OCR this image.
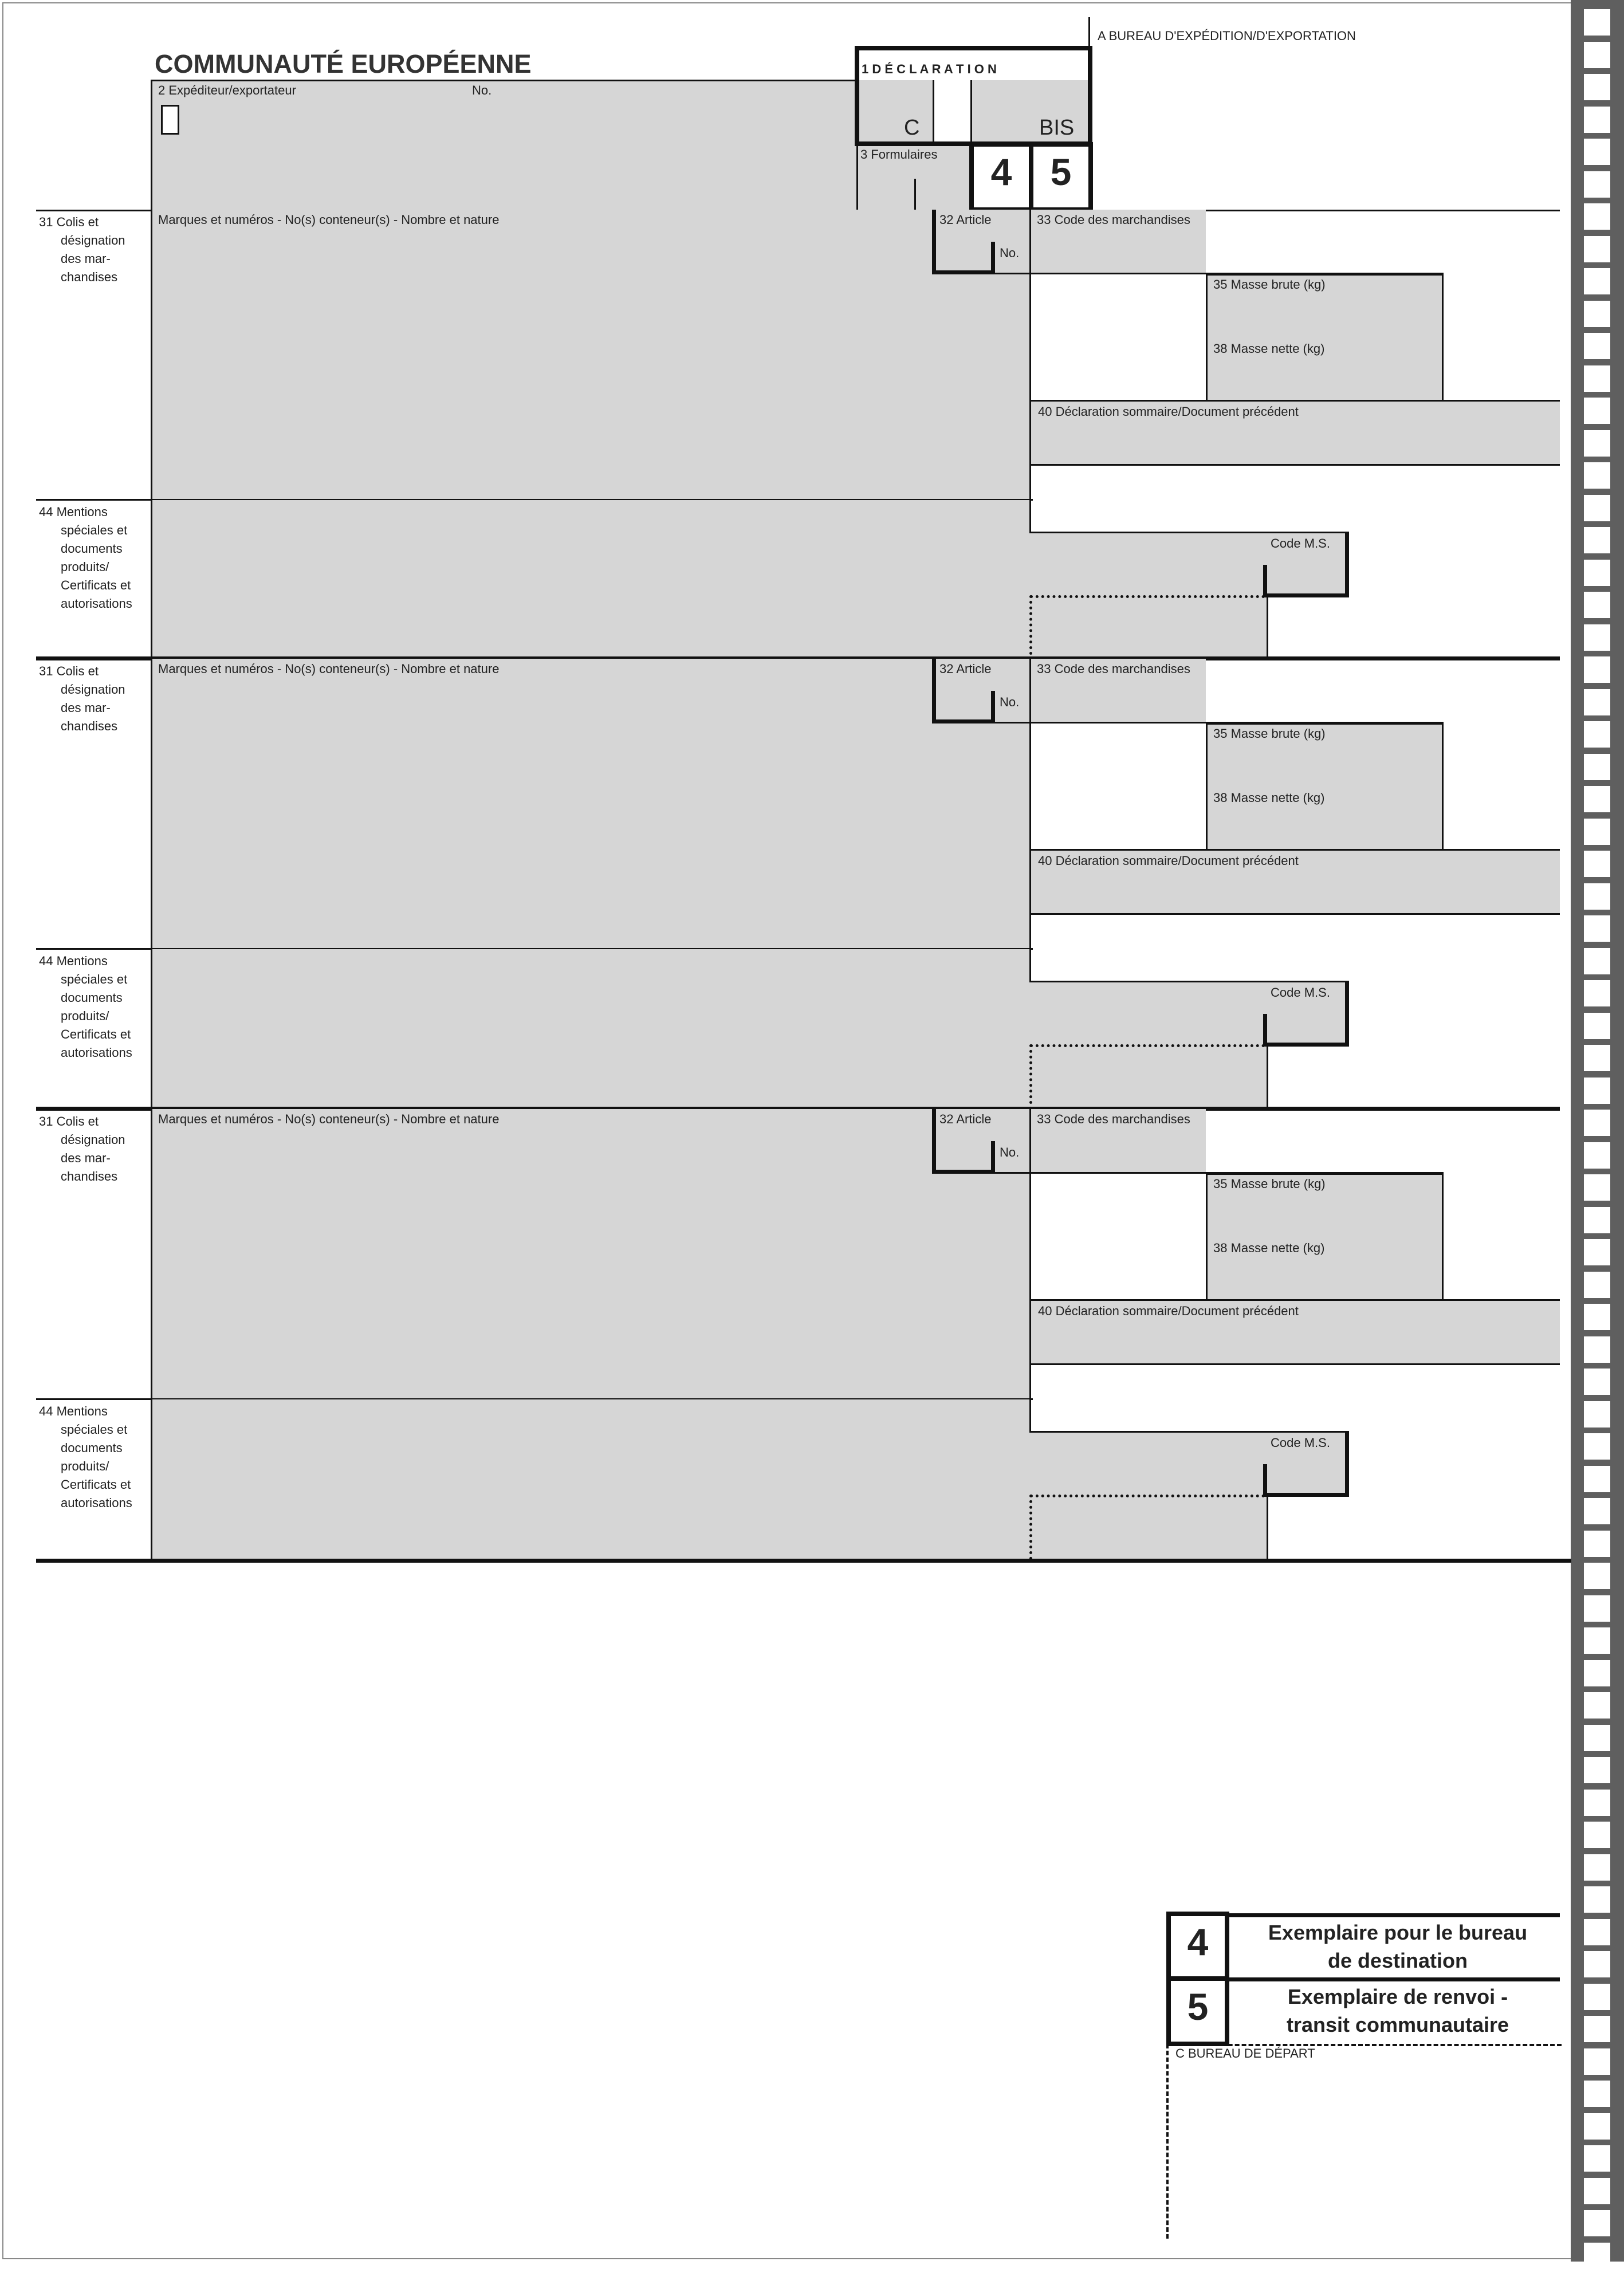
COMMUNAUTÉ EUROPÉENNE
A BUREAU D'EXPÉDITION/D'EXPORTATION
2 Expéditeur/exportateur	No.
1 D É C L A R A T I O N
C	BIS
3 Formulaires	4	5
31 Colis et
désignation
des mar-
chandises
Marques et numéros - No(s) conteneur(s) - Nombre et nature	32 Article
No.
33 Code des marchandises
35 Masse brute (kg)
38 Masse nette (kg)
40 Déclaration sommaire/Document précédent
44 Mentions
spéciales et
documents
produits/
Certificats et
autorisations
Code M.S.
31 Colis et
désignation
des mar-
chandises
Marques et numéros - No(s) conteneur(s) - Nombre et nature	32 Article
No.
33 Code des marchandises
35 Masse brute (kg)
38 Masse nette (kg)
40 Déclaration sommaire/Document précédent
44 Mentions
spéciales et
documents
produits/
Certificats et
autorisations
Code M.S.
31 Colis et
désignation
des mar-
chandises
Marques et numéros - No(s) conteneur(s) - Nombre et nature	32 Article
No.
33 Code des marchandises
35 Masse brute (kg)
38 Masse nette (kg)
40 Déclaration sommaire/Document précédent
44 Mentions
spéciales et
documents
produits/
Certificats et
autorisations
Code M.S.
4	Exemplaire pour le bureau
de destination
5	Exemplaire de renvoi -
transit communautaire
C BUREAU DE DÉPART
